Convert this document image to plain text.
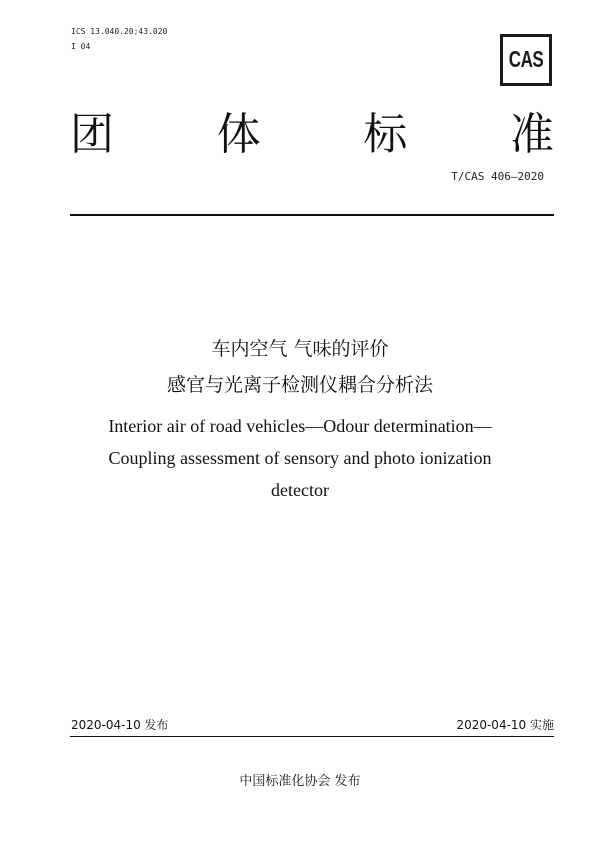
ICS 13.040.20;43.020
I 04	CAS
团 体 标 准
T/CAS 406—2020
车内空气 气味的评价
感官与光离子检测仪耦合分析法
Interior air of road vehicles—Odour determination—Coupling assessment of sensory and photo ionization detector
2020-04-10 发布	2020-04-10 实施
中国标准化协会 发布
